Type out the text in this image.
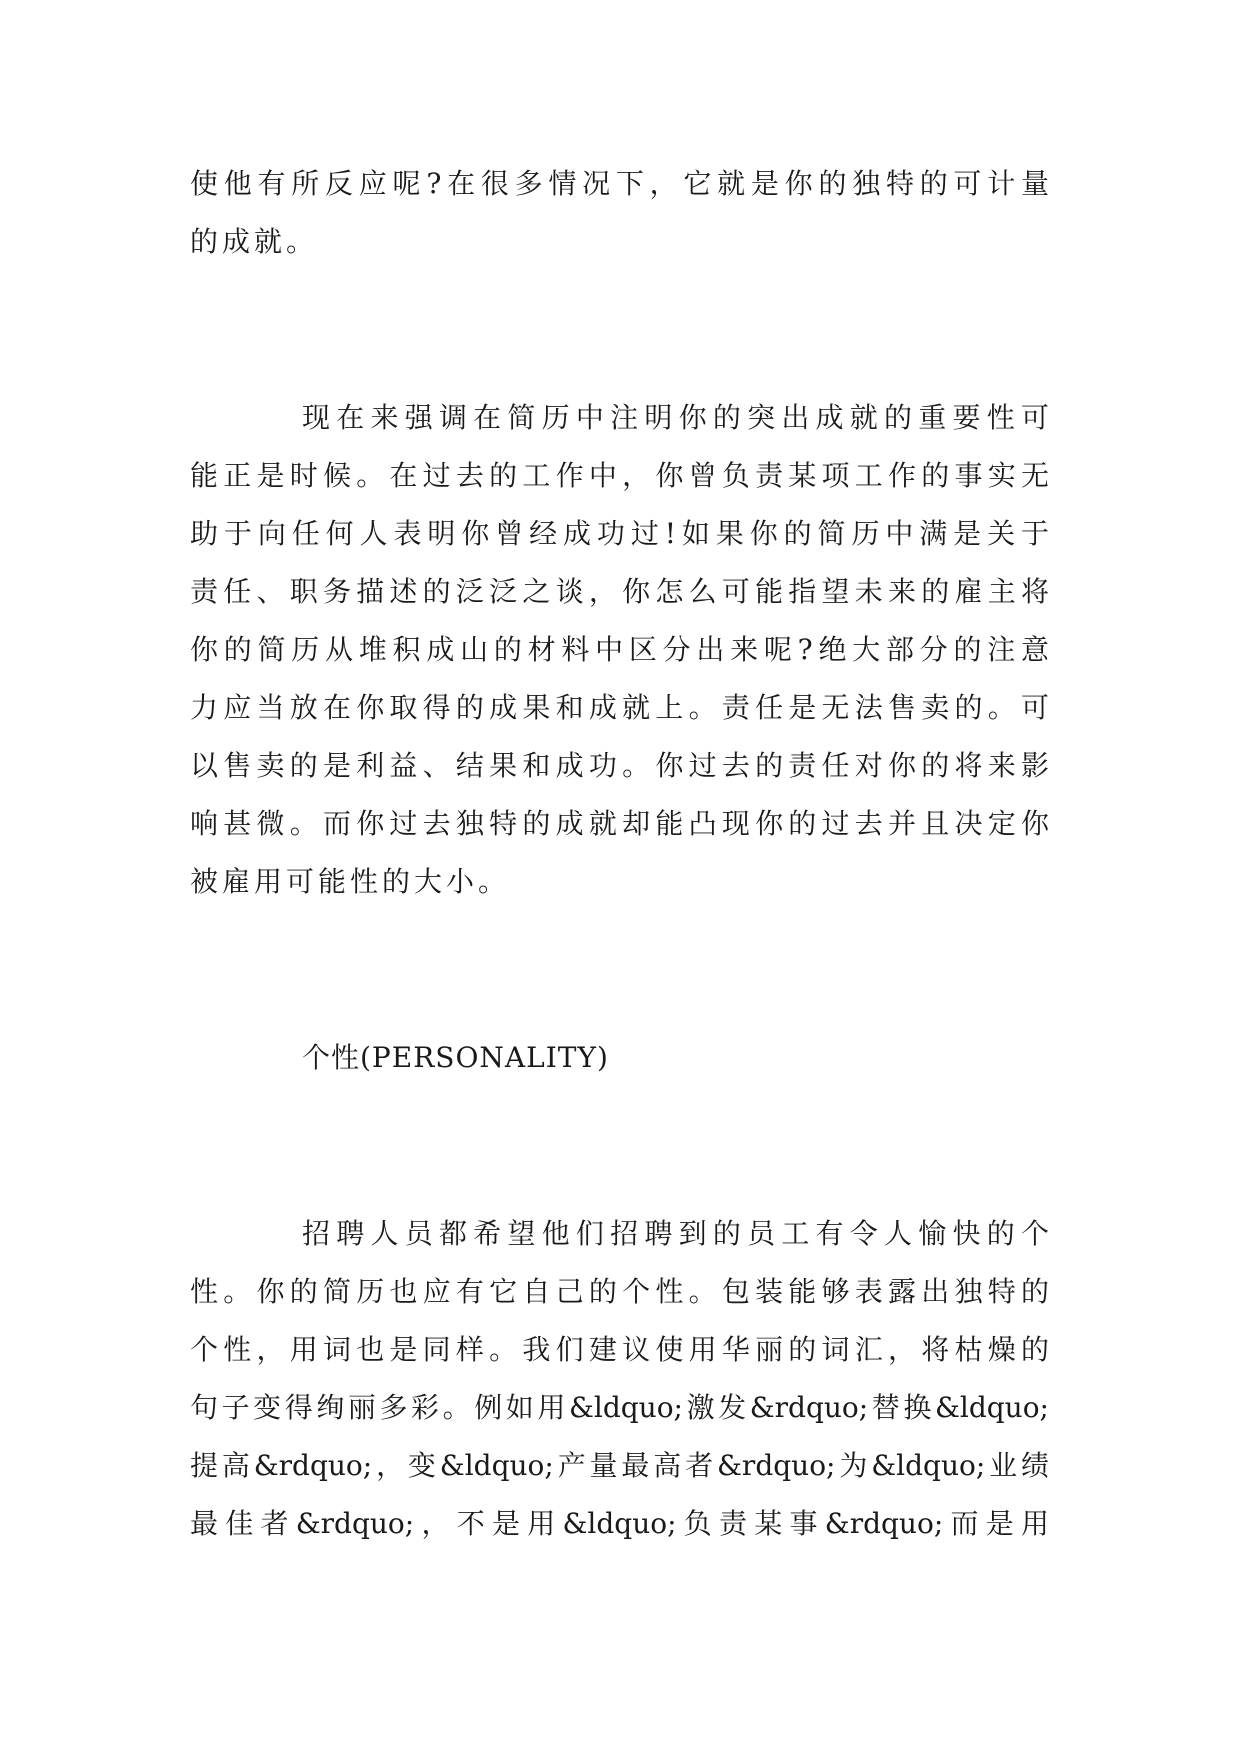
使他有所反应呢?在很多情况下，它就是你的独特的可计量
的成就。
现在来强调在简历中注明你的突出成就的重要性可
能正是时候。在过去的工作中，你曾负责某项工作的事实无
助于向任何人表明你曾经成功过!如果你的简历中满是关于
责任、职务描述的泛泛之谈，你怎么可能指望未来的雇主将
你的简历从堆积成山的材料中区分出来呢?绝大部分的注意
力应当放在你取得的成果和成就上。责任是无法售卖的。可
以售卖的是利益、结果和成功。你过去的责任对你的将来影
响甚微。而你过去独特的成就却能凸现你的过去并且决定你
被雇用可能性的大小。
个性(PERSONALITY)
招聘人员都希望他们招聘到的员工有令人愉快的个
性。你的简历也应有它自己的个性。包装能够表露出独特的
个性，用词也是同样。我们建议使用华丽的词汇，将枯燥的
句子变得绚丽多彩。例如用&ldquo;激发&rdquo;替换&ldquo;
提高&rdquo;，变&ldquo;产量最高者&rdquo;为&ldquo;业绩
最佳者&rdquo;，不是用&ldquo;负责某事&rdquo;而是用
